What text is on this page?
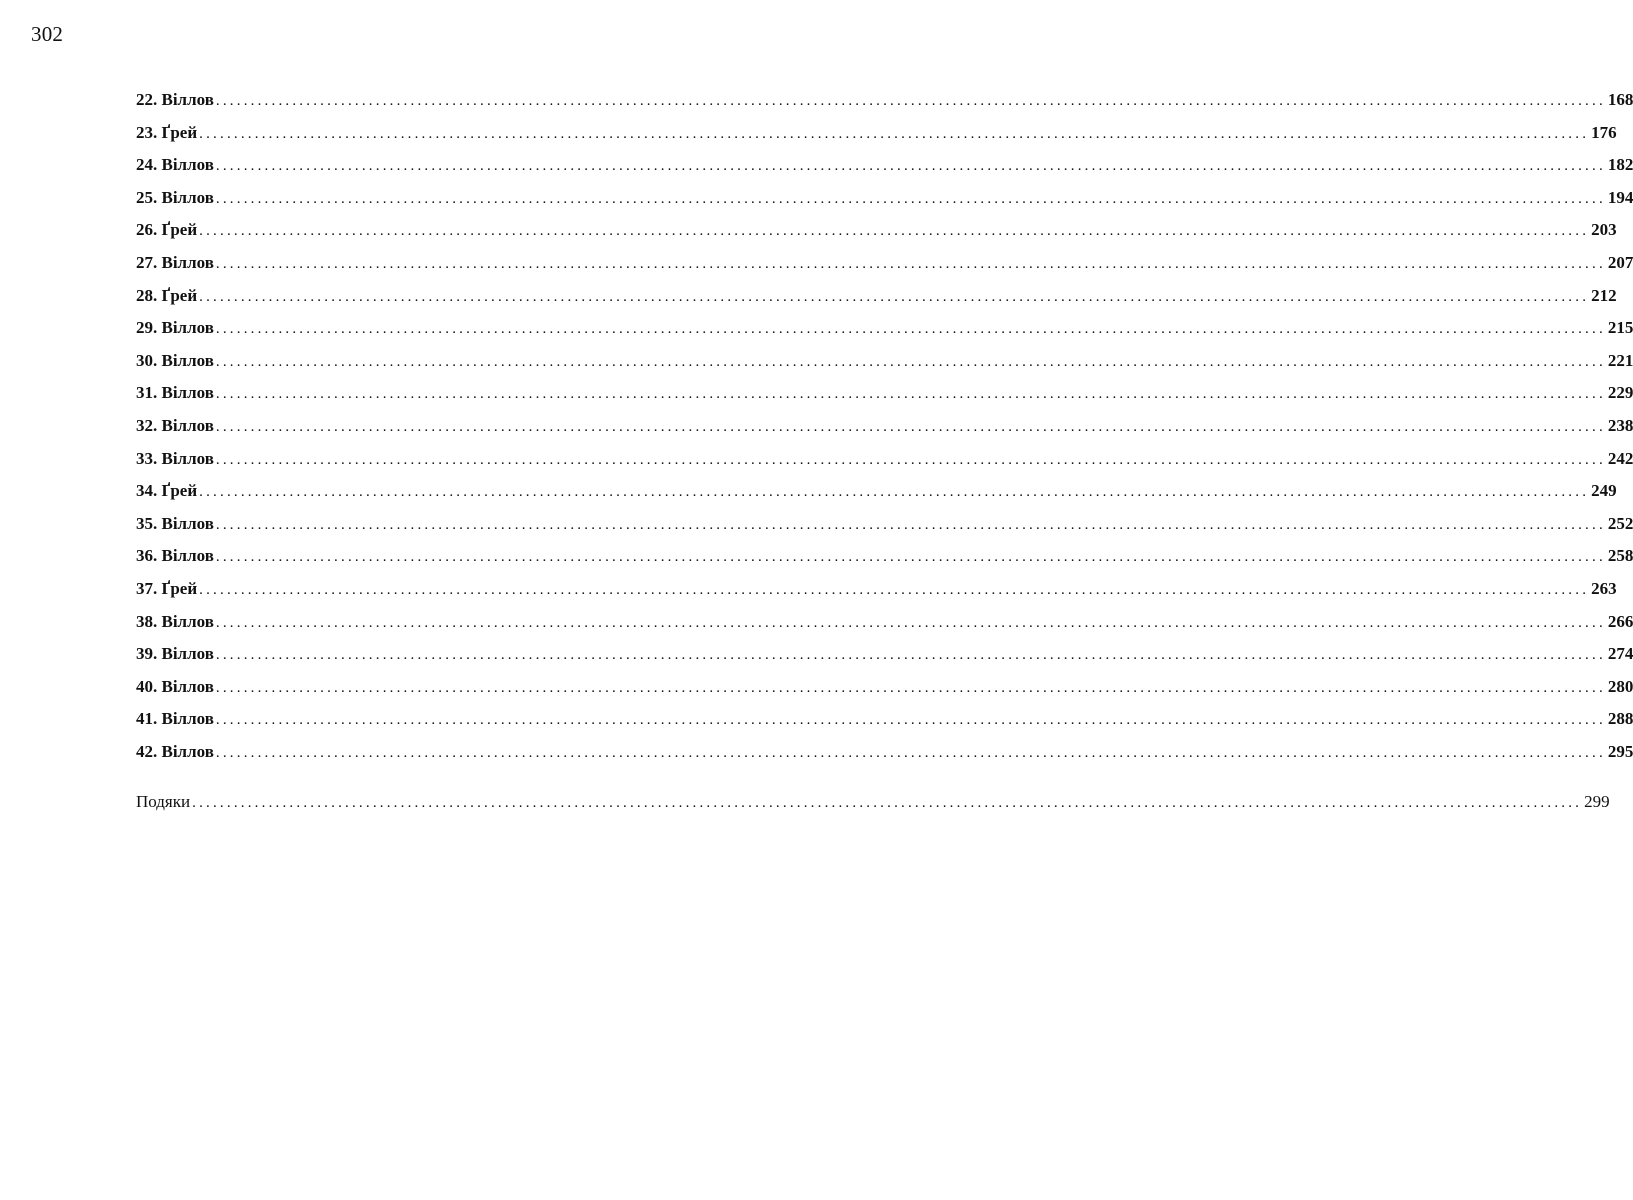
302
22. Віллов ........................................................................................................................................................................................................ 168
23. Ґрей ........................................................................................................................................................................................................ 176
24. Віллов ........................................................................................................................................................................................................ 182
25. Віллов ........................................................................................................................................................................................................ 194
26. Ґрей ........................................................................................................................................................................................................ 203
27. Віллов ........................................................................................................................................................................................................ 207
28. Ґрей ........................................................................................................................................................................................................ 212
29. Віллов ........................................................................................................................................................................................................ 215
30. Віллов ........................................................................................................................................................................................................ 221
31. Віллов ........................................................................................................................................................................................................ 229
32. Віллов ........................................................................................................................................................................................................ 238
33. Віллов ........................................................................................................................................................................................................ 242
34. Ґрей ........................................................................................................................................................................................................ 249
35. Віллов ........................................................................................................................................................................................................ 252
36. Віллов ........................................................................................................................................................................................................ 258
37. Ґрей ........................................................................................................................................................................................................ 263
38. Віллов ........................................................................................................................................................................................................ 266
39. Віллов ........................................................................................................................................................................................................ 274
40. Віллов ........................................................................................................................................................................................................ 280
41. Віллов ........................................................................................................................................................................................................ 288
42. Віллов ........................................................................................................................................................................................................ 295
Подяки ........................................................................................................................................................................................................ 299
